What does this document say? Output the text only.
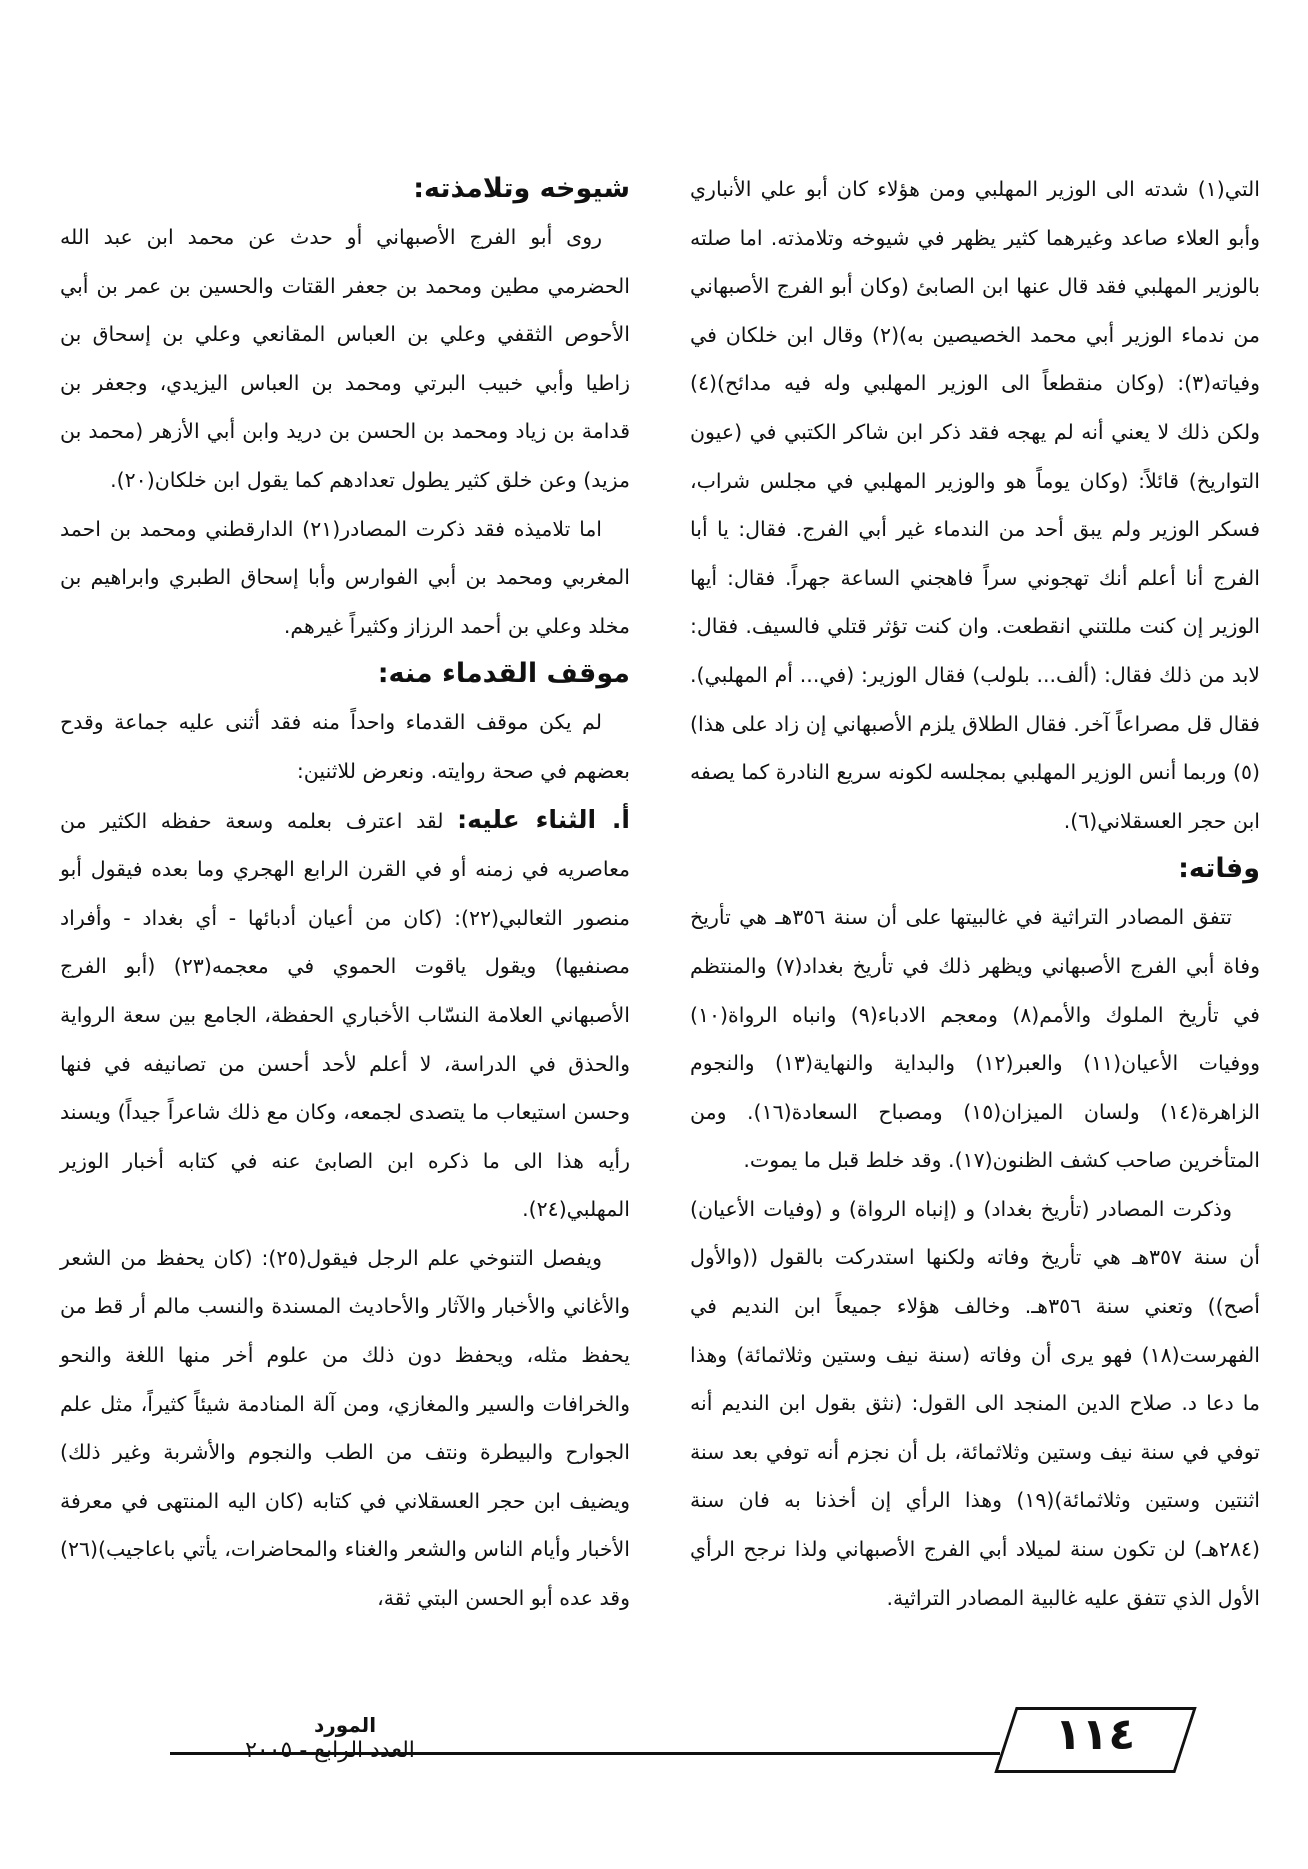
التي(١) شدته الى الوزير المهلبي ومن هؤلاء كان أبو علي الأنباري وأبو العلاء صاعد وغيرهما كثير يظهر في شيوخه وتلامذته. اما صلته بالوزير المهلبي فقد قال عنها ابن الصابئ (وكان أبو الفرج الأصبهاني من ندماء الوزير أبي محمد الخصيصين به)(٢) وقال ابن خلكان في وفياته(٣): (وكان منقطعاً الى الوزير المهلبي وله فيه مدائح)(٤) ولكن ذلك لا يعني أنه لم يهجه فقد ذكر ابن شاكر الكتبي في (عيون التواريخ) قائلاً: (وكان يوماً هو والوزير المهلبي في مجلس شراب، فسكر الوزير ولم يبق أحد من الندماء غير أبي الفرج. فقال: يا أبا الفرج أنا أعلم أنك تهجوني سراً فاهجني الساعة جهراً. فقال: أيها الوزير إن كنت مللتني انقطعت. وان كنت تؤثر قتلي فالسيف. فقال: لابد من ذلك فقال: (ألف... بلولب) فقال الوزير: (في... أم المهلبي). فقال قل مصراعاً آخر. فقال الطلاق يلزم الأصبهاني إن زاد على هذا)(٥) وربما أنس الوزير المهلبي بمجلسه لكونه سريع النادرة كما يصفه ابن حجر العسقلاني(٦).

وفاته:

تتفق المصادر التراثية في غالبيتها على أن سنة ٣٥٦هـ هي تأريخ وفاة أبي الفرج الأصبهاني ويظهر ذلك في تأريخ بغداد(٧) والمنتظم في تأريخ الملوك والأمم(٨) ومعجم الادباء(٩) وانباه الرواة(١٠) ووفيات الأعيان(١١) والعبر(١٢) والبداية والنهاية(١٣) والنجوم الزاهرة(١٤) ولسان الميزان(١٥) ومصباح السعادة(١٦). ومن المتأخرين صاحب كشف الظنون(١٧). وقد خلط قبل ما يموت.

وذكرت المصادر (تأريخ بغداد) و (إنباه الرواة) و (وفيات الأعيان) أن سنة ٣٥٧هـ هي تأريخ وفاته ولكنها استدركت بالقول ((والأول أصح)) وتعني سنة ٣٥٦هـ. وخالف هؤلاء جميعاً ابن النديم في الفهرست(١٨) فهو يرى أن وفاته (سنة نيف وستين وثلاثمائة) وهذا ما دعا د. صلاح الدين المنجد الى القول: (نثق بقول ابن النديم أنه توفي في سنة نيف وستين وثلاثمائة، بل أن نجزم أنه توفي بعد سنة اثنتين وستين وثلاثمائة)(١٩) وهذا الرأي إن أخذنا به فان سنة (٢٨٤هـ) لن تكون سنة لميلاد أبي الفرج الأصبهاني ولذا نرجح الرأي الأول الذي تتفق عليه غالبية المصادر التراثية.

شيوخه وتلامذته:

روى أبو الفرج الأصبهاني أو حدث عن محمد ابن عبد الله الحضرمي مطين ومحمد بن جعفر القتات والحسين بن عمر بن أبي الأحوص الثقفي وعلي بن العباس المقانعي وعلي بن إسحاق بن زاطيا وأبي خبيب البرتي ومحمد بن العباس اليزيدي، وجعفر بن قدامة بن زياد ومحمد بن الحسن بن دريد وابن أبي الأزهر (محمد بن مزيد) وعن خلق كثير يطول تعدادهم كما يقول ابن خلكان(٢٠).

اما تلاميذه فقد ذكرت المصادر(٢١) الدارقطني ومحمد بن احمد المغربي ومحمد بن أبي الفوارس وأبا إسحاق الطبري وابراهيم بن مخلد وعلي بن أحمد الرزاز وكثيراً غيرهم.

موقف القدماء منه:

لم يكن موقف القدماء واحداً منه فقد أثنى عليه جماعة وقدح بعضهم في صحة روايته. ونعرض للاثنين:

أ. الثناء عليه: لقد اعترف بعلمه وسعة حفظه الكثير من معاصريه في زمنه أو في القرن الرابع الهجري وما بعده فيقول أبو منصور الثعالبي(٢٢): (كان من أعيان أدبائها - أي بغداد - وأفراد مصنفيها) ويقول ياقوت الحموي في معجمه(٢٣) (أبو الفرج الأصبهاني العلامة النسّاب الأخباري الحفظة، الجامع بين سعة الرواية والحذق في الدراسة، لا أعلم لأحد أحسن من تصانيفه في فنها وحسن استيعاب ما يتصدى لجمعه، وكان مع ذلك شاعراً جيداً) ويسند رأيه هذا الى ما ذكره ابن الصابئ عنه في كتابه أخبار الوزير المهلبي(٢٤).

ويفصل التنوخي علم الرجل فيقول(٢٥): (كان يحفظ من الشعر والأغاني والأخبار والآثار والأحاديث المسندة والنسب مالم أر قط من يحفظ مثله، ويحفظ دون ذلك من علوم أخر منها اللغة والنحو والخرافات والسير والمغازي، ومن آلة المنادمة شيئاً كثيراً، مثل علم الجوارح والبيطرة ونتف من الطب والنجوم والأشربة وغير ذلك) ويضيف ابن حجر العسقلاني في كتابه (كان اليه المنتهى في معرفة الأخبار وأيام الناس والشعر والغناء والمحاضرات، يأتي باعاجيب)(٢٦) وقد عده أبو الحسن البتي ثقة،

١١٤
المورد
العدد الرابع - ٢٠٠٥
